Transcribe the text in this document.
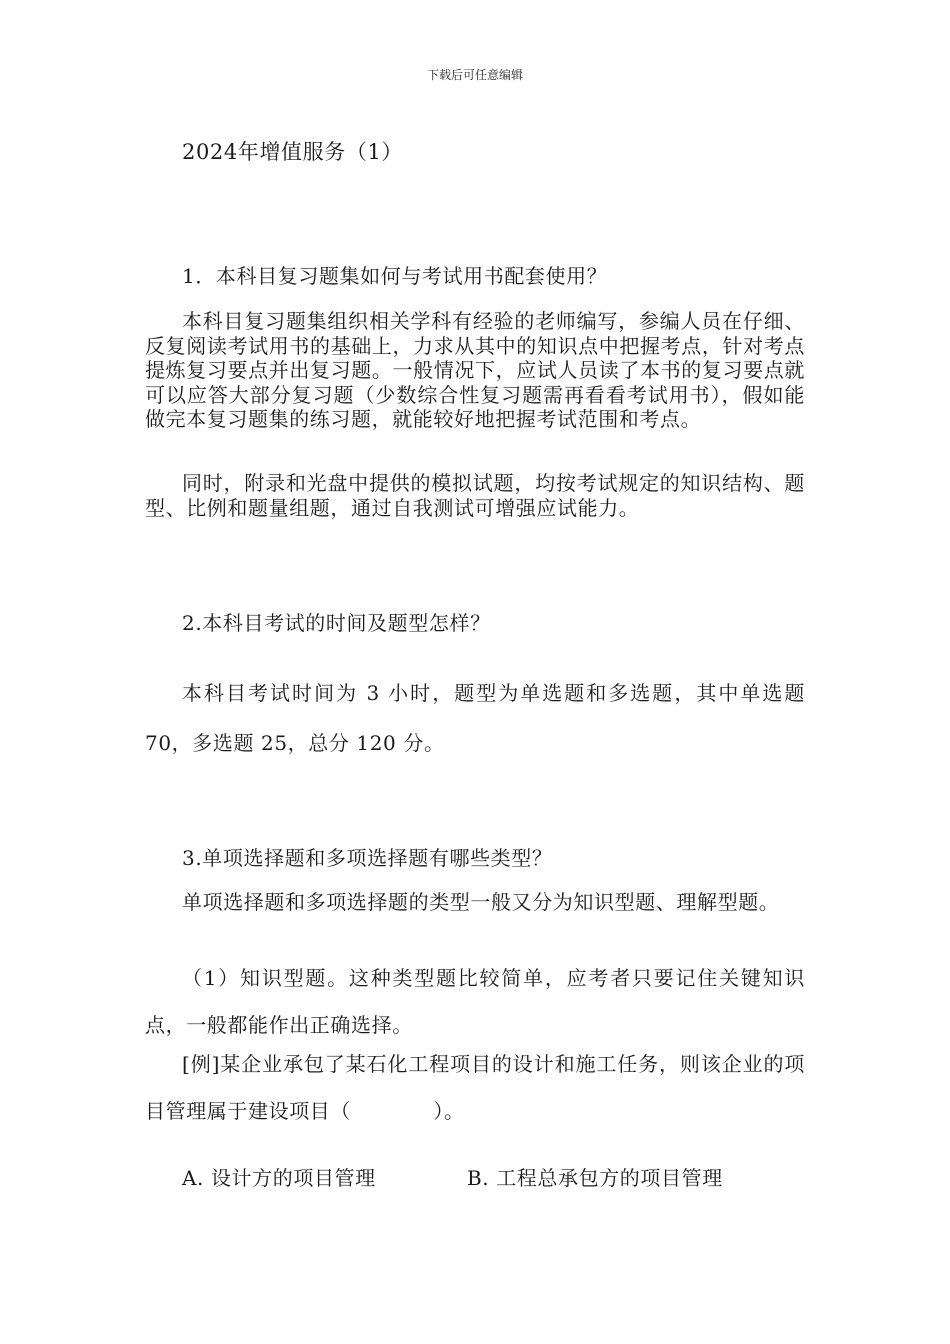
下载后可任意编辑
2024年增值服务（1）
1．本科目复习题集如何与考试用书配套使用？
本科目复习题集组织相关学科有经验的老师编写，参编人员在仔细、反复阅读考试用书的基础上，力求从其中的知识点中把握考点，针对考点提炼复习要点并出复习题。一般情况下，应试人员读了本书的复习要点就可以应答大部分复习题（少数综合性复习题需再看看考试用书），假如能做完本复习题集的练习题，就能较好地把握考试范围和考点。
同时，附录和光盘中提供的模拟试题，均按考试规定的知识结构、题型、比例和题量组题，通过自我测试可增强应试能力。
2.本科目考试的时间及题型怎样？
本科目考试时间为 3 小时，题型为单选题和多选题，其中单选题 70，多选题 25，总分 120 分。
3.单项选择题和多项选择题有哪些类型？
单项选择题和多项选择题的类型一般又分为知识型题、理解型题。
（1）知识型题。这种类型题比较简单，应考者只要记住关键知识点，一般都能作出正确选择。
[例]某企业承包了某石化工程项目的设计和施工任务，则该企业的项目管理属于建设项目（　　　　）。
A. 设计方的项目管理	B. 工程总承包方的项目管理
